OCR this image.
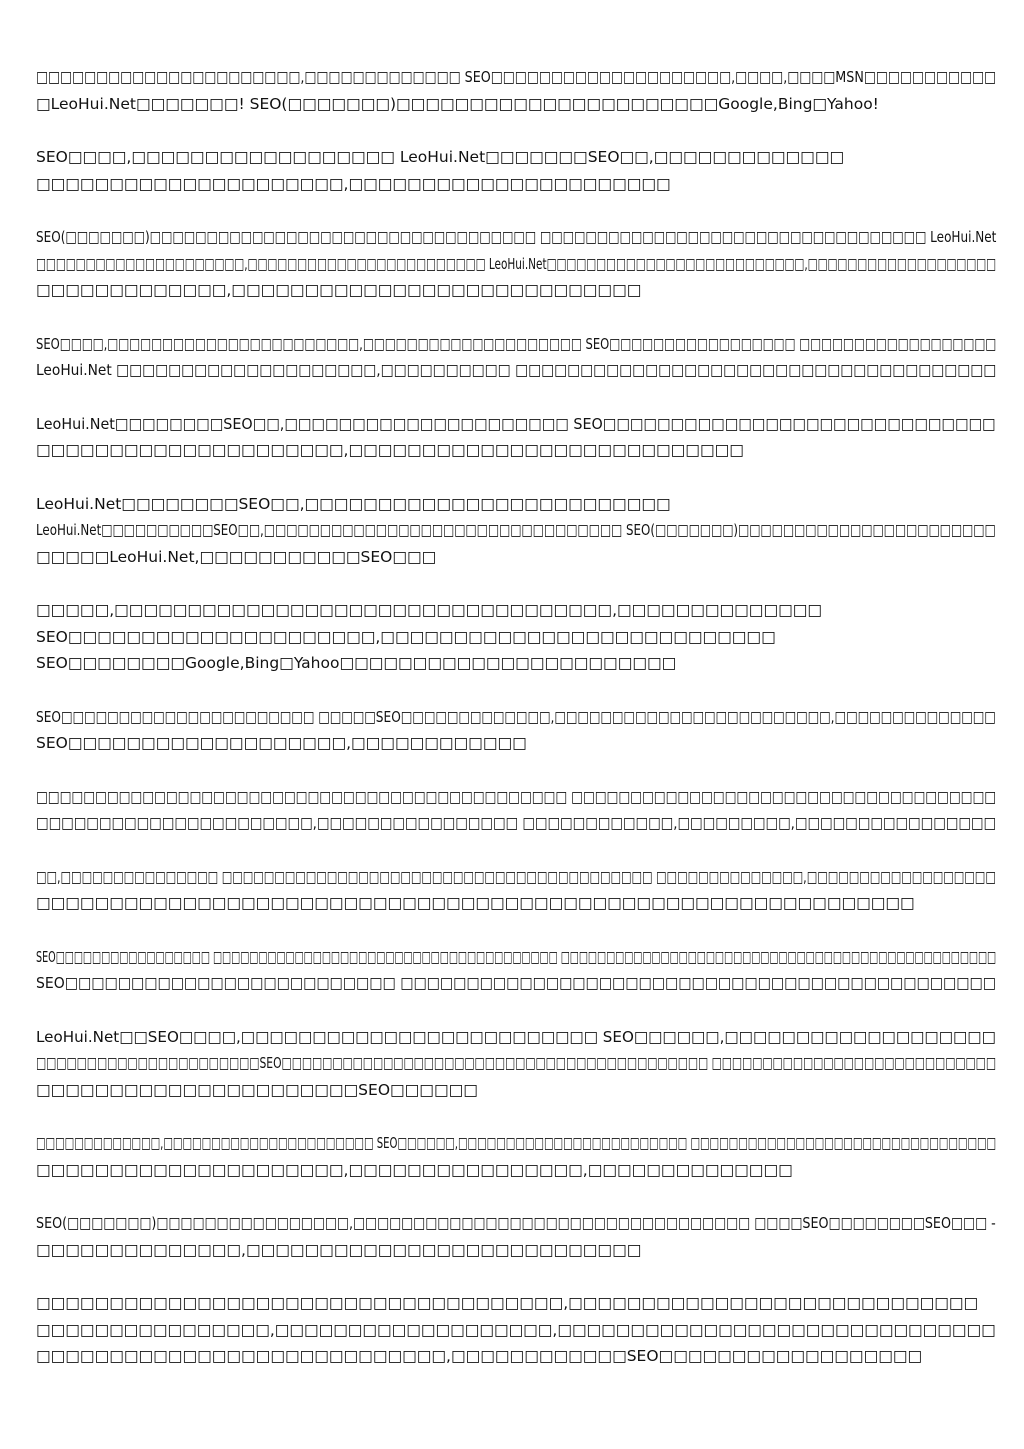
□□□□□□□□□□□□□□□□□□□□□□,□□□□□□□□□□□□□ SEO□□□□□□□□□□□□□□□□□□□□,□□□□,□□□□MSN□□□□□□□□□□□
□LeoHui.Net□□□□□□□! SEO(□□□□□□□)□□□□□□□□□□□□□□□□□□□□□□Google,Bing□Yahoo!

SEO□□□□,□□□□□□□□□□□□□□□□□□ LeoHui.Net□□□□□□□SEO□□,□□□□□□□□□□□□□
□□□□□□□□□□□□□□□□□□□□□,□□□□□□□□□□□□□□□□□□□□□□

SEO(□□□□□□□)□□□□□□□□□□□□□□□□□□□□□□□□□□□□□□□□□□ □□□□□□□□□□□□□□□□□□□□□□□□□□□□□□□□□□ LeoHui.Net
□□□□□□□□□□□□□□□□□□□□□,□□□□□□□□□□□□□□□□□□□□□□□□ LeoHui.Net□□□□□□□□□□□□□□□□□□□□□□□□□□,□□□□□□□□□□□□□□□□□□□
□□□□□□□□□□□□□,□□□□□□□□□□□□□□□□□□□□□□□□□□□□

SEO□□□□,□□□□□□□□□□□□□□□□□□□□□□□,□□□□□□□□□□□□□□□□□□□□ SEO□□□□□□□□□□□□□□□□□ □□□□□□□□□□□□□□□□□□
LeoHui.Net □□□□□□□□□□□□□□□□□□□□,□□□□□□□□□□ □□□□□□□□□□□□□□□□□□□□□□□□□□□□□□□□□□□□□

LeoHui.Net□□□□□□□□SEO□□,□□□□□□□□□□□□□□□□□□□□□ SEO□□□□□□□□□□□□□□□□□□□□□□□□□□□□□
□□□□□□□□□□□□□□□□□□□□□,□□□□□□□□□□□□□□□□□□□□□□□□□□□

LeoHui.Net□□□□□□□□SEO□□,□□□□□□□□□□□□□□□□□□□□□□□□□
LeoHui.Net□□□□□□□□□□SEO□□,□□□□□□□□□□□□□□□□□□□□□□□□□□□□□□□□ SEO(□□□□□□□)□□□□□□□□□□□□□□□□□□□□□□□
□□□□□LeoHui.Net,□□□□□□□□□□□SEO□□□

□□□□□,□□□□□□□□□□□□□□□□□□□□□□□□□□□□□□□□□□,□□□□□□□□□□□□□□
SEO□□□□□□□□□□□□□□□□□□□□□,□□□□□□□□□□□□□□□□□□□□□□□□□□□
SEO□□□□□□□□Google,Bing□Yahoo□□□□□□□□□□□□□□□□□□□□□□□

SEO□□□□□□□□□□□□□□□□□□□□□□ □□□□□SEO□□□□□□□□□□□□□,□□□□□□□□□□□□□□□□□□□□□□□□,□□□□□□□□□□□□□□
SEO□□□□□□□□□□□□□□□□□□□,□□□□□□□□□□□□

□□□□□□□□□□□□□□□□□□□□□□□□□□□□□□□□□□□□□□□□□□□□□ □□□□□□□□□□□□□□□□□□□□□□□□□□□□□□□□□□□□
□□□□□□□□□□□□□□□□□□□□□□,□□□□□□□□□□□□□□□□ □□□□□□□□□□□□,□□□□□□□□□,□□□□□□□□□□□□□□□□

□□,□□□□□□□□□□□□□□□ □□□□□□□□□□□□□□□□□□□□□□□□□□□□□□□□□□□□□□□□□ □□□□□□□□□□□□□□,□□□□□□□□□□□□□□□□□□
□□□□□□□□□□□□□□□□□□□□□□□□□□□□□□□□□□□□□□□□□□□□□□□□□□□□□□□□□□□□

SEO□□□□□□□□□□□□□□□□□ □□□□□□□□□□□□□□□□□□□□□□□□□□□□□□□□□□□□□□ □□□□□□□□□□□□□□□□□□□□□□□□□□□□□□□□□□□□□□□□□□□□□□□□
SEO□□□□□□□□□□□□□□□□□□□□□□□□□ □□□□□□□□□□□□□□□□□□□□□□□□□□□□□□□□□□□□□□□□□□□□□

LeoHui.Net□□SEO□□□□,□□□□□□□□□□□□□□□□□□□□□□□□□ SEO□□□□□□,□□□□□□□□□□□□□□□□□□□
□□□□□□□□□□□□□□□□□□□□□□SEO□□□□□□□□□□□□□□□□□□□□□□□□□□□□□□□□□□□□□□□□□□ □□□□□□□□□□□□□□□□□□□□□□□□□□□□
□□□□□□□□□□□□□□□□□□□□□□SEO□□□□□□

□□□□□□□□□□□□□,□□□□□□□□□□□□□□□□□□□□□□ SEO□□□□□□,□□□□□□□□□□□□□□□□□□□□□□□□ □□□□□□□□□□□□□□□□□□□□□□□□□□□□□□□□
□□□□□□□□□□□□□□□□□□□□□,□□□□□□□□□□□□□□□□,□□□□□□□□□□□□□□

SEO(□□□□□□□)□□□□□□□□□□□□□□□□,□□□□□□□□□□□□□□□□□□□□□□□□□□□□□□□□□ □□□□SEO□□□□□□□□SEO□□□ -
□□□□□□□□□□□□□□,□□□□□□□□□□□□□□□□□□□□□□□□□□□

□□□□□□□□□□□□□□□□□□□□□□□□□□□□□□□□□□□□,□□□□□□□□□□□□□□□□□□□□□□□□□□□□
□□□□□□□□□□□□□□□□,□□□□□□□□□□□□□□□□□□□,□□□□□□□□□□□□□□□□□□□□□□□□□□□□□□
□□□□□□□□□□□□□□□□□□□□□□□□□□□□,□□□□□□□□□□□□SEO□□□□□□□□□□□□□□□□□□
